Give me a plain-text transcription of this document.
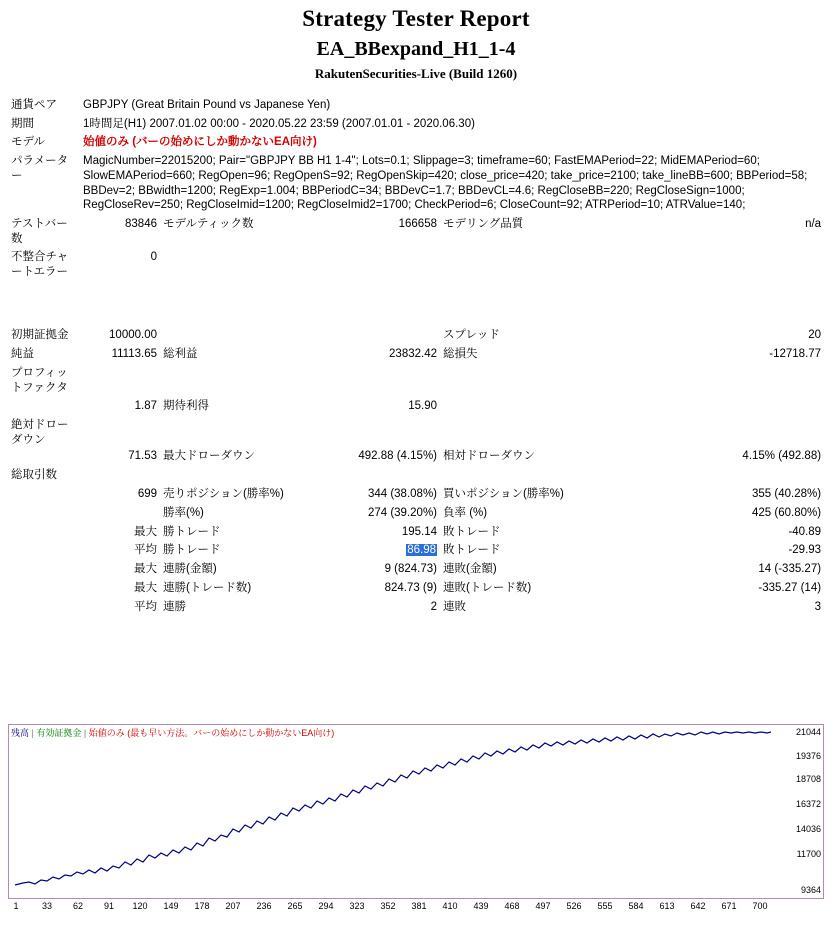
Strategy Tester Report
EA_BBexpand_H1_1-4
RakutenSecurities-Live (Build 1260)
通貨ペア	GBPJPY (Great Britain Pound vs Japanese Yen)				
期間	1時間足(H1) 2007.01.02 00:00 - 2020.05.22 23:59 (2007.01.01 - 2020.06.30)				
モデル	始値のみ (バーの始めにしか動かないEA向け)				
パラメーター	MagicNumber=22015200; Pair="GBPJPY BB H1 1-4"; Lots=0.1; Slippage=3; timeframe=60; FastEMAPeriod=22; MidEMAPeriod=60; SlowEMAPeriod=660; RegOpen=96; RegOpenS=92; RegOpenSkip=420; close_price=420; take_price=2100; take_lineBB=600; BBPeriod=58; BBDev=2; BBwidth=1200; RegExp=1.004; BBPeriodC=34; BBDevC=1.7; BBDevCL=4.6; RegCloseBB=220; RegCloseSign=1000; RegCloseRev=250; RegCloseImid=1200; RegCloseImid2=1700; CheckPeriod=6; CloseCount=92; ATRPeriod=10; ATRValue=140;				
テストバー数	83846	モデルティック数	166658	モデリング品質	n/a
不整合チャートエラー	0				
初期証拠金	10000.00			スプレッド	20
純益	11113.65	総利益	23832.42	総損失	-12718.77
プロフィットファクタ	1.87	期待利得	15.90		
絶対ドローダウン	71.53	最大ドローダウン	492.88 (4.15%)	相対ドローダウン	4.15% (492.88)
総取引数	699	売りポジション(勝率%)	344 (38.08%)	買いポジション(勝率%)	355 (40.28%)
		勝率(%)	274 (39.20%)	負率 (%)	425 (60.80%)
	最大	勝トレード	195.14	敗トレード	-40.89
	平均	勝トレード	86.98	敗トレード	-29.93
	最大	連勝(金額)	9 (824.73)	連敗(金額)	14 (-335.27)
	最大	連勝(トレード数)	824.73 (9)	連敗(トレード数)	-335.27 (14)
	平均	連勝	2	連敗	3
残高 | 有効証拠金 | 始値のみ (最も早い方法。バーの始めにしか動かないEA向け)	21044
19376
18708
16372
14036
11700
9364
1	33 62 91 120 149 178 207 236 265 294 323 352 381 410 439 468 497 526 555 584 613 642 671 700
